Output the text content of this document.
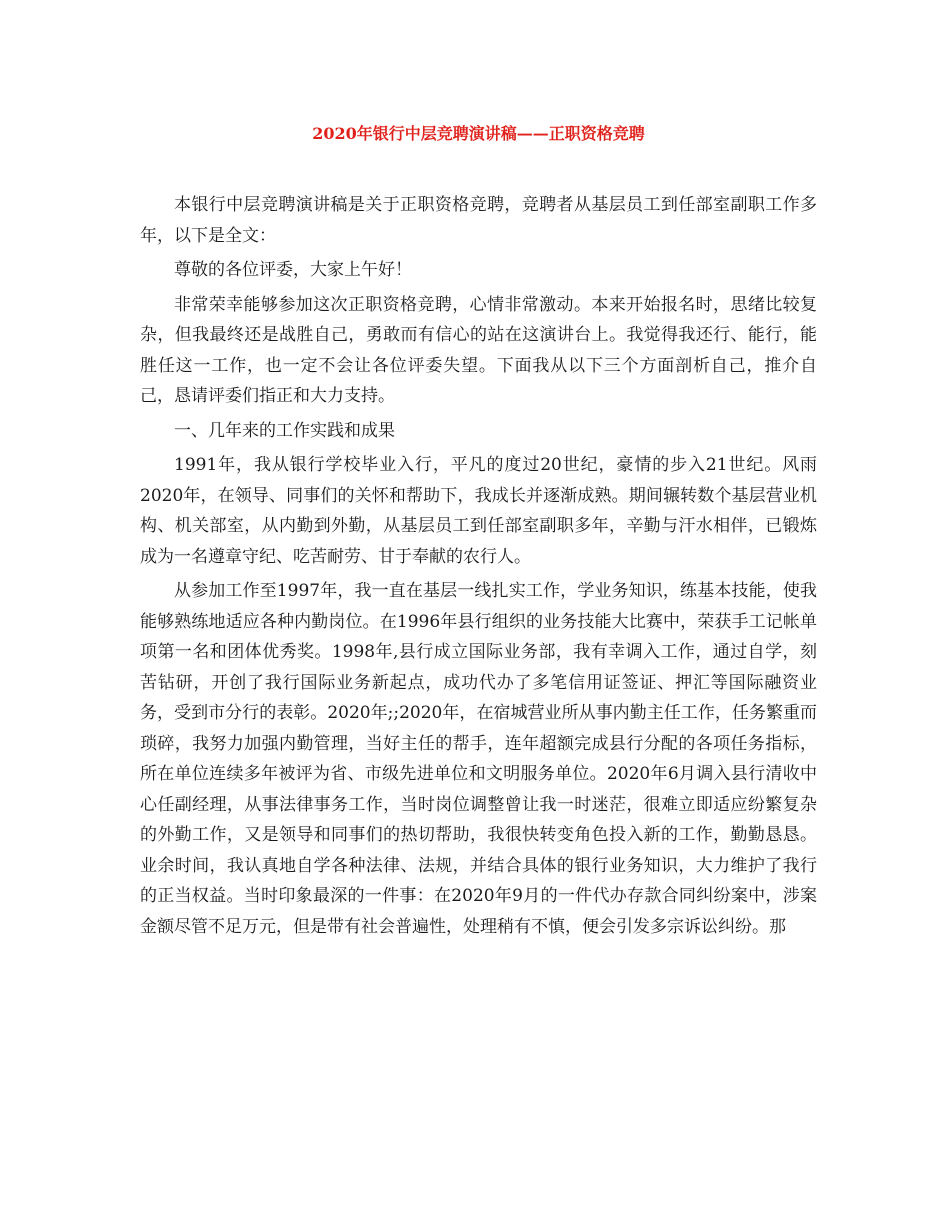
2020年银行中层竞聘演讲稿——正职资格竞聘

本银行中层竞聘演讲稿是关于正职资格竞聘，竞聘者从基层员工到任部室副职工作多年，以下是全文：

尊敬的各位评委，大家上午好！

非常荣幸能够参加这次正职资格竞聘，心情非常激动。本来开始报名时，思绪比较复杂，但我最终还是战胜自己，勇敢而有信心的站在这演讲台上。我觉得我还行、能行，能胜任这一工作，也一定不会让各位评委失望。下面我从以下三个方面剖析自己，推介自己，恳请评委们指正和大力支持。

一、几年来的工作实践和成果

1991年，我从银行学校毕业入行，平凡的度过20世纪，豪情的步入21世纪。风雨2020年，在领导、同事们的关怀和帮助下，我成长并逐渐成熟。期间辗转数个基层营业机构、机关部室，从内勤到外勤，从基层员工到任部室副职多年，辛勤与汗水相伴，已锻炼成为一名遵章守纪、吃苦耐劳、甘于奉献的农行人。

从参加工作至1997年，我一直在基层一线扎实工作，学业务知识，练基本技能，使我能够熟练地适应各种内勤岗位。在1996年县行组织的业务技能大比赛中，荣获手工记帐单项第一名和团体优秀奖。1998年,县行成立国际业务部，我有幸调入工作，通过自学，刻苦钻研，开创了我行国际业务新起点，成功代办了多笔信用证签证、押汇等国际融资业务，受到市分行的表彰。2020年;;2020年，在宿城营业所从事内勤主任工作，任务繁重而琐碎，我努力加强内勤管理，当好主任的帮手，连年超额完成县行分配的各项任务指标，所在单位连续多年被评为省、市级先进单位和文明服务单位。2020年6月调入县行清收中心任副经理，从事法律事务工作，当时岗位调整曾让我一时迷茫，很难立即适应纷繁复杂的外勤工作，又是领导和同事们的热切帮助，我很快转变角色投入新的工作，勤勤恳恳。业余时间，我认真地自学各种法律、法规，并结合具体的银行业务知识，大力维护了我行的正当权益。当时印象最深的一件事：在2020年9月的一件代办存款合同纠纷案中，涉案金额尽管不足万元，但是带有社会普遍性，处理稍有不慎，便会引发多宗诉讼纠纷。那
